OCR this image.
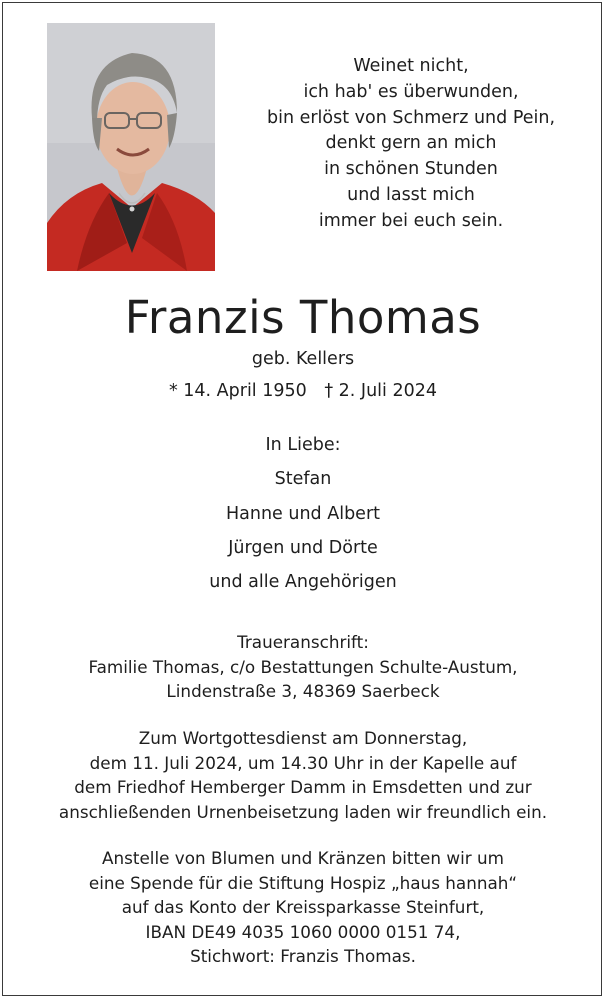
Weinet nicht,
ich hab' es überwunden,
bin erlöst von Schmerz und Pein,
denkt gern an mich
in schönen Stunden
und lasst mich
immer bei euch sein.
Franzis Thomas
geb. Kellers
* 14. April 1950 † 2. Juli 2024
In Liebe:
Stefan
Hanne und Albert
Jürgen und Dörte
und alle Angehörigen
Traueranschrift:
Familie Thomas, c/o Bestattungen Schulte-Austum,
Lindenstraße 3, 48369 Saerbeck
Zum Wortgottesdienst am Donnerstag,
dem 11. Juli 2024, um 14.30 Uhr in der Kapelle auf
dem Friedhof Hemberger Damm in Emsdetten und zur
anschließenden Urnenbeisetzung laden wir freundlich ein.
Anstelle von Blumen und Kränzen bitten wir um
eine Spende für die Stiftung Hospiz „haus hannah“
auf das Konto der Kreissparkasse Steinfurt,
IBAN DE49 4035 1060 0000 0151 74,
Stichwort: Franzis Thomas.
